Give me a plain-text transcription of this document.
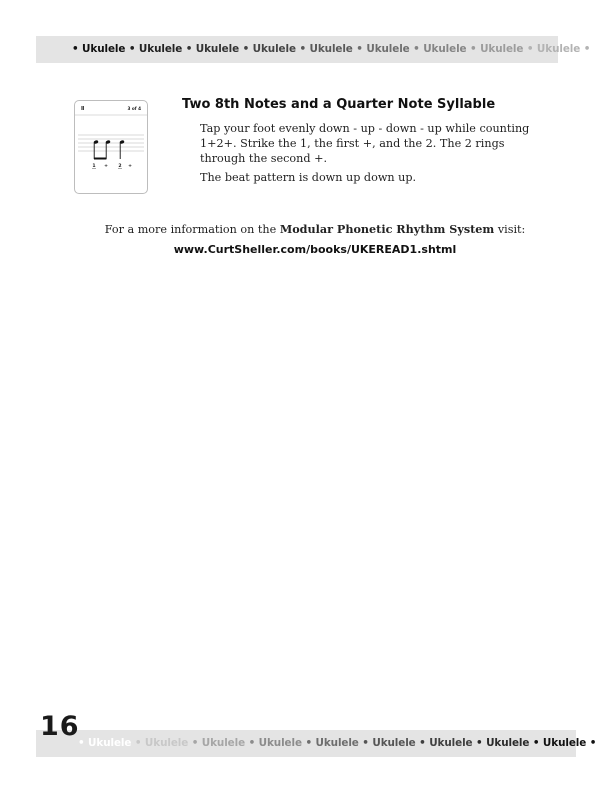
• Ukulele • Ukulele • Ukulele • Ukulele • Ukulele • Ukulele • Ukulele • Ukulele • Ukulele •
Ⅱ	3 of 4
1 + 2 +
Two 8th Notes and a Quarter Note Syllable

Tap your foot evenly down - up - down - up while counting 1+2+. Strike the 1, the first +, and the 2. The 2 rings through the second +.

The beat pattern is down up down up.

For a more information on the Modular Phonetic Rhythm System visit:

www.CurtSheller.com/books/UKEREAD1.shtml

• Ukulele • Ukulele • Ukulele • Ukulele • Ukulele • Ukulele • Ukulele • Ukulele • Ukulele •
16
